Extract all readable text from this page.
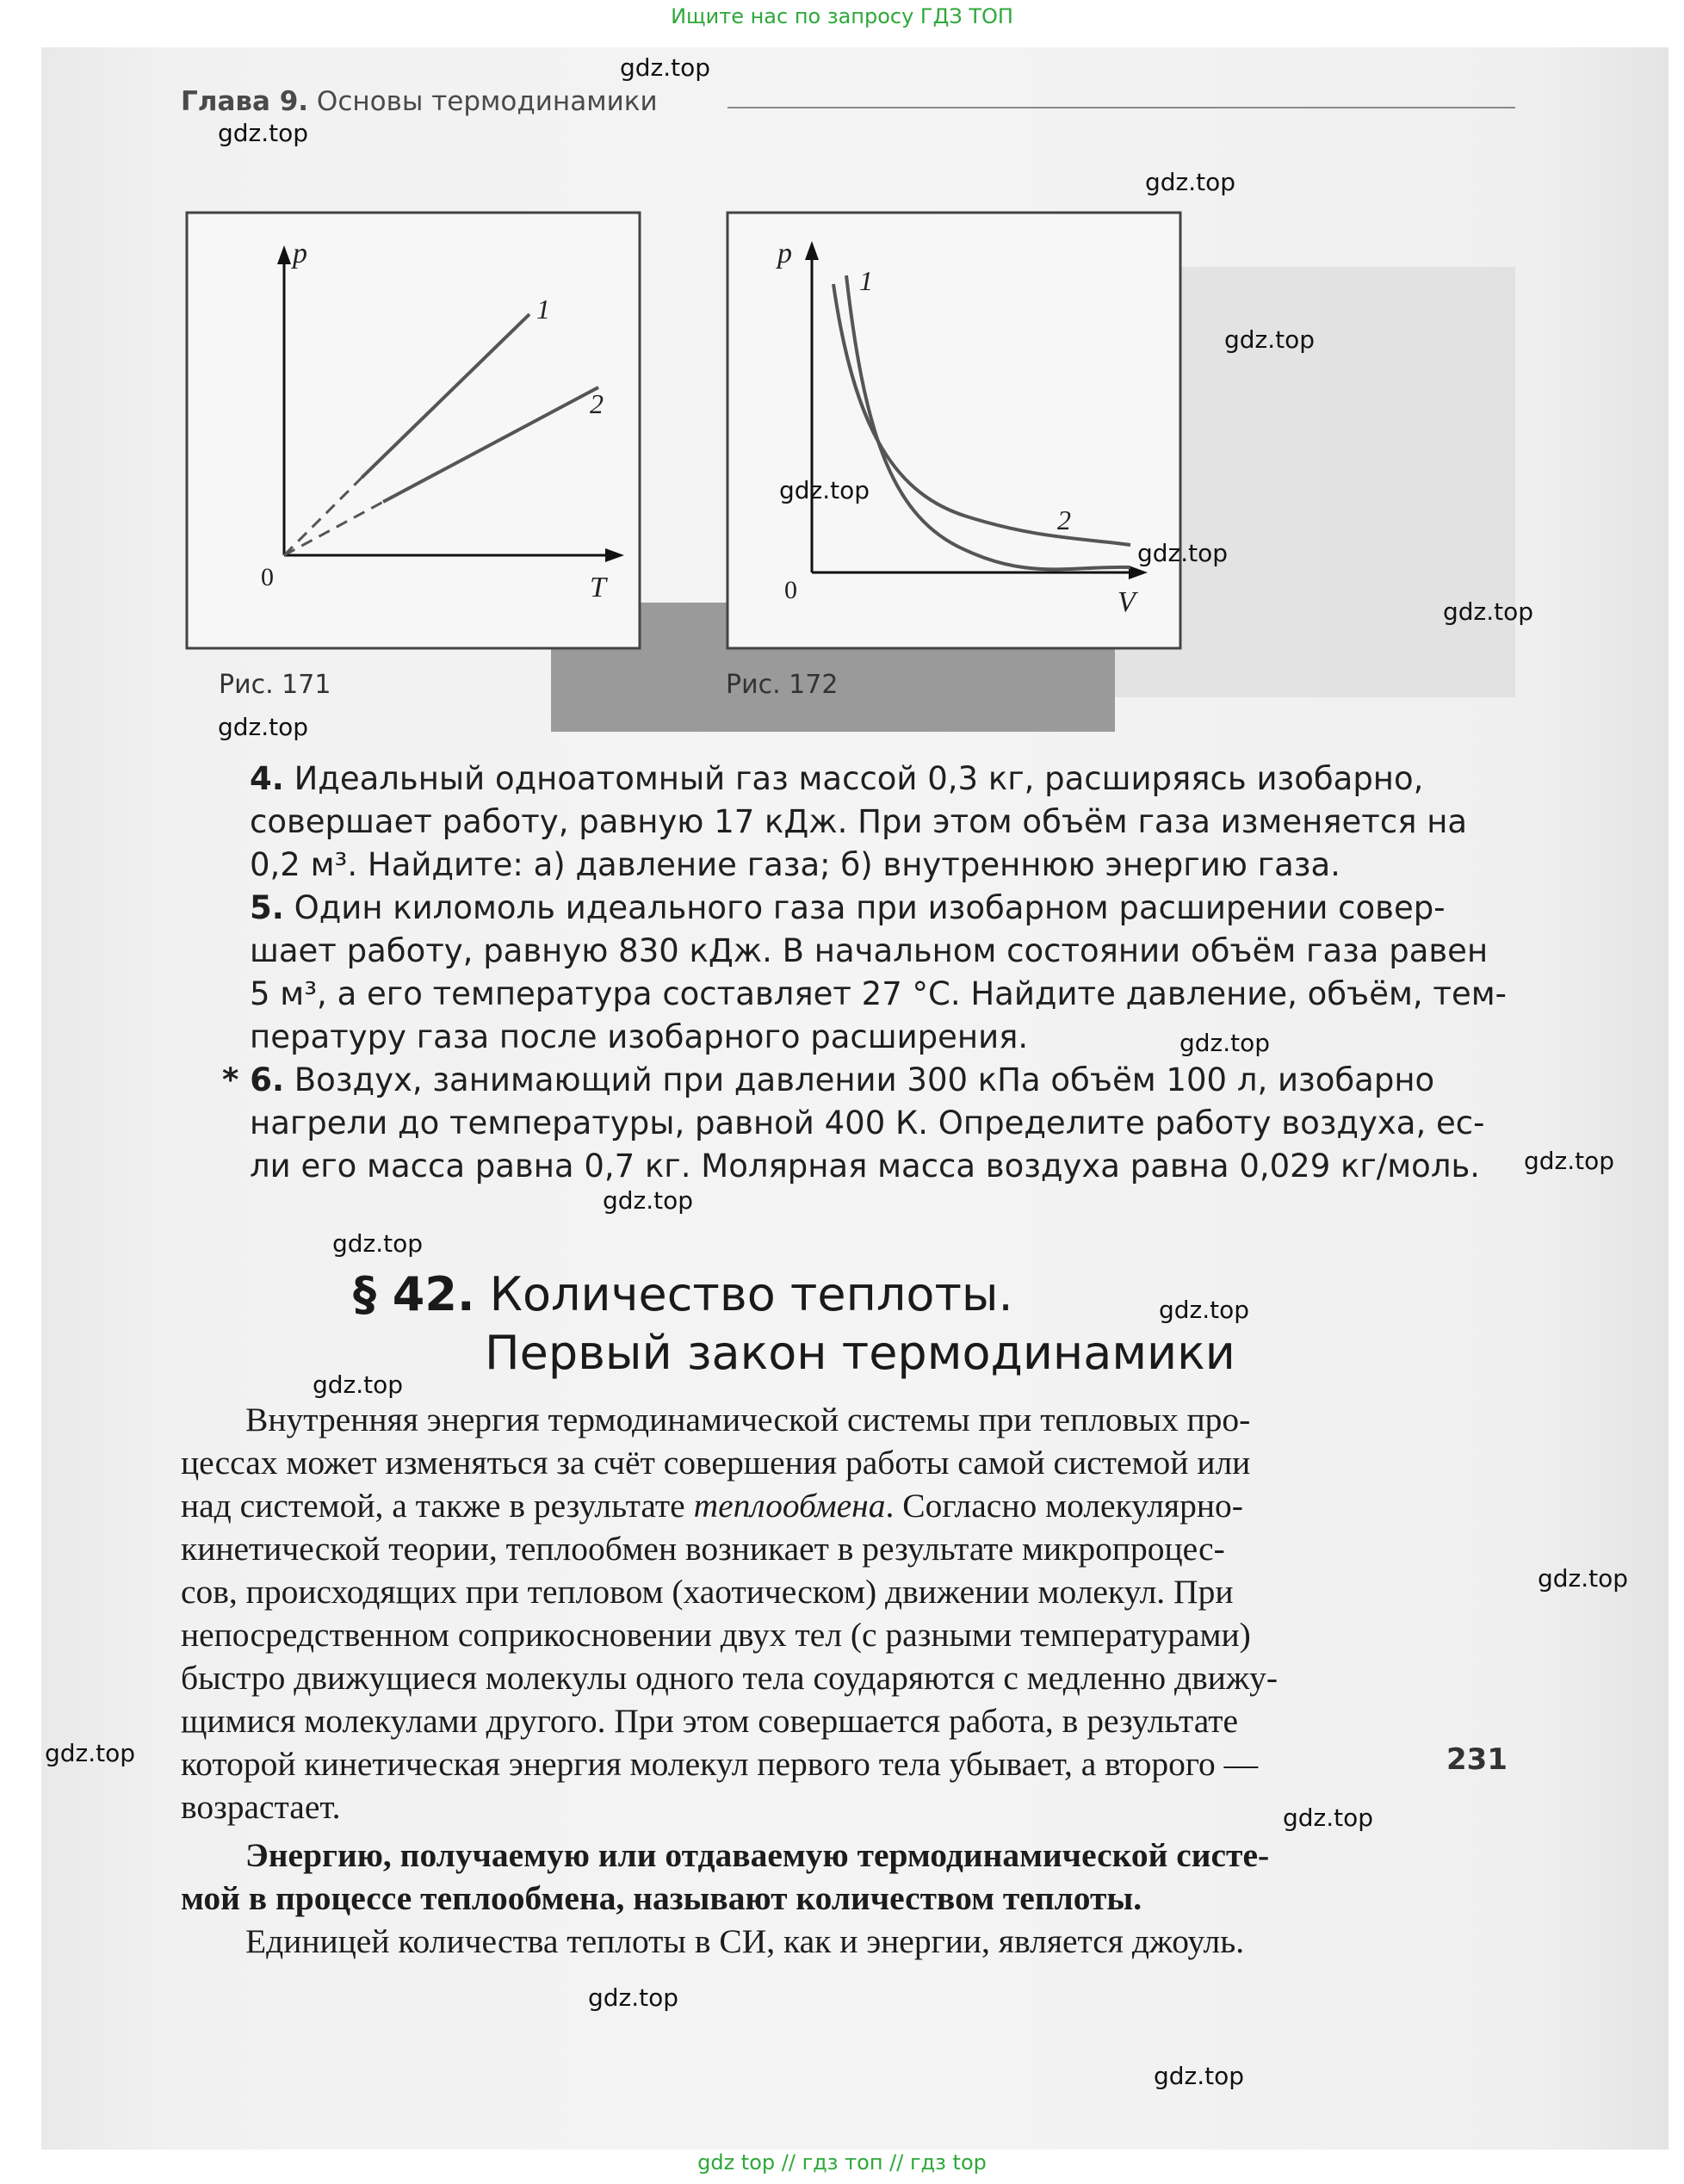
Ищите нас по запросу ГДЗ ТОП
Глава 9. Основы термодинамики
p
T
0
1
2
Рис. 171
p
V
0
1
2
Рис. 172
4. Идеальный одноатомный газ массой 0,3 кг, расширяясь изобарно,
совершает работу, равную 17 кДж. При этом объём газа изменяется на
0,2 м³. Найдите: а) давление газа; б) внутреннюю энергию газа.
5. Один киломоль идеального газа при изобарном расширении совер-
шает работу, равную 830 кДж. В начальном состоянии объём газа равен
5 м³, а его температура составляет 27 °С. Найдите давление, объём, тем-
пературу газа после изобарного расширения.
* 6. Воздух, занимающий при давлении 300 кПа объём 100 л, изобарно
нагрели до температуры, равной 400 К. Определите работу воздуха, ес-
ли его масса равна 0,7 кг. Молярная масса воздуха равна 0,029 кг/моль.
§ 42. Количество теплоты.
Первый закон термодинамики
Внутренняя энергия термодинамической системы при тепловых про-
цессах может изменяться за счёт совершения работы самой системой или
над системой, а также в результате теплообмена. Согласно молекулярно-
кинетической теории, теплообмен возникает в результате микропроцес-
сов, происходящих при тепловом (хаотическом) движении молекул. При
непосредственном соприкосновении двух тел (с разными температурами)
быстро движущиеся молекулы одного тела соударяются с медленно движу-
щимися молекулами другого. При этом совершается работа, в результате
которой кинетическая энергия молекул первого тела убывает, а второго —
возрастает.
Энергию, получаемую или отдаваемую термодинамической систе-
мой в процессе теплообмена, называют количеством теплоты.
Единицей количества теплоты в СИ, как и энергии, является джоуль.
231
gdz.top
gdz.top
gdz.top
gdz.top
gdz.top
gdz.top
gdz.top
gdz.top
gdz.top
gdz.top
gdz.top
gdz.top
gdz.top
gdz.top
gdz.top
gdz.top
gdz.top
gdz.top
gdz.top
gdz top // гдз топ // гдз top
